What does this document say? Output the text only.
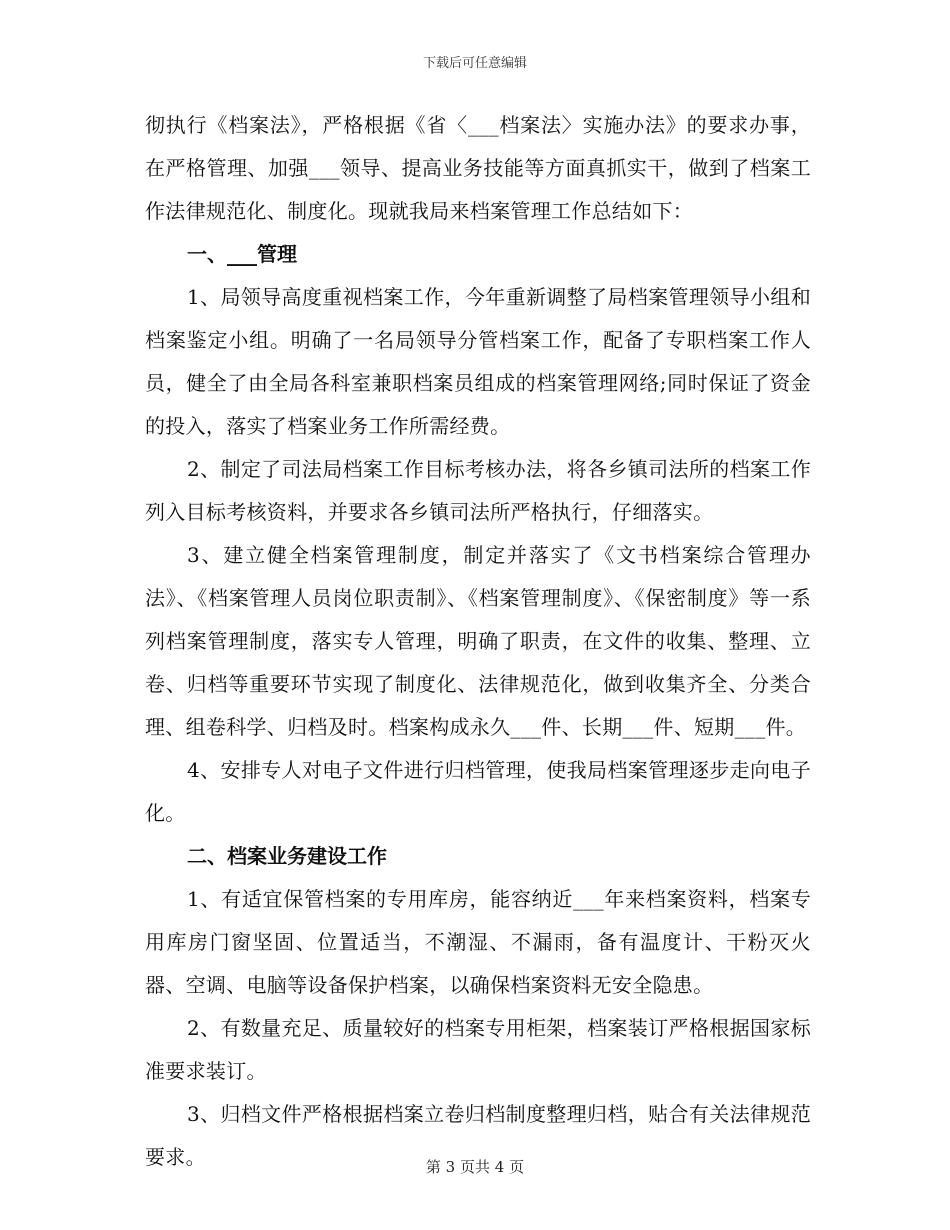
下载后可任意编辑

彻执行《档案法》，严格根据《省〈___档案法〉实施办法》的要求办事，在严格管理、加强___领导、提高业务技能等方面真抓实干，做到了档案工作法律规范化、制度化。现就我局来档案管理工作总结如下：

一、___管理

1、局领导高度重视档案工作，今年重新调整了局档案管理领导小组和档案鉴定小组。明确了一名局领导分管档案工作，配备了专职档案工作人员，健全了由全局各科室兼职档案员组成的档案管理网络;同时保证了资金的投入，落实了档案业务工作所需经费。

2、制定了司法局档案工作目标考核办法，将各乡镇司法所的档案工作列入目标考核资料，并要求各乡镇司法所严格执行，仔细落实。

3、建立健全档案管理制度，制定并落实了《文书档案综合管理办法》、《档案管理人员岗位职责制》、《档案管理制度》、《保密制度》等一系列档案管理制度，落实专人管理，明确了职责，在文件的收集、整理、立卷、归档等重要环节实现了制度化、法律规范化，做到收集齐全、分类合理、组卷科学、归档及时。档案构成永久___件、长期___件、短期___件。

4、安排专人对电子文件进行归档管理，使我局档案管理逐步走向电子化。

二、档案业务建设工作

1、有适宜保管档案的专用库房，能容纳近___年来档案资料，档案专用库房门窗坚固、位置适当，不潮湿、不漏雨，备有温度计、干粉灭火器、空调、电脑等设备保护档案，以确保档案资料无安全隐患。

2、有数量充足、质量较好的档案专用柜架，档案装订严格根据国家标准要求装订。

3、归档文件严格根据档案立卷归档制度整理归档，贴合有关法律规范要求。	第 3 页共 4 页
